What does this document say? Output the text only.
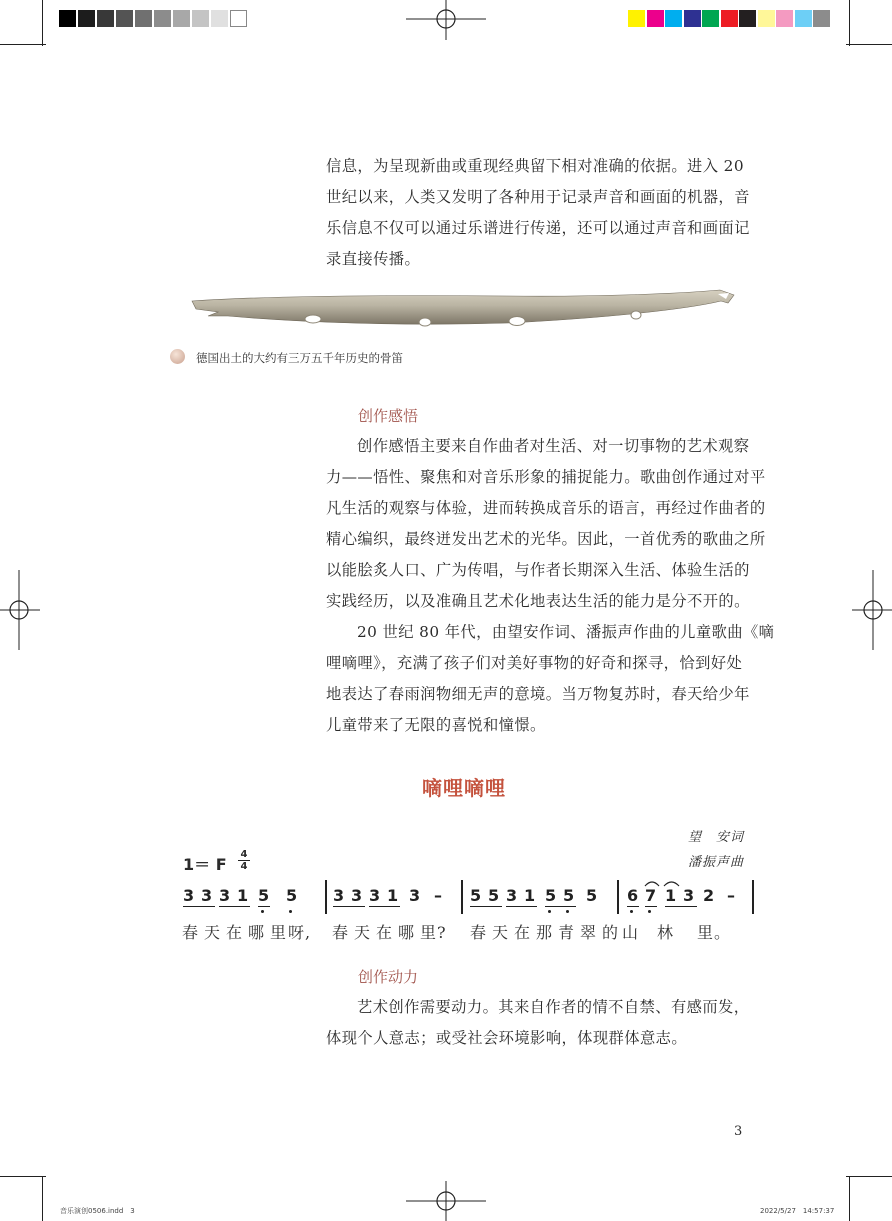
信息，为呈现新曲或重现经典留下相对准确的依据。进入 20
世纪以来，人类又发明了各种用于记录声音和画面的机器，音
乐信息不仅可以通过乐谱进行传递，还可以通过声音和画面记
录直接传播。
德国出土的大约有三万五千年历史的骨笛
创作感悟
创作感悟主要来自作曲者对生活、对一切事物的艺术观察
力——悟性、聚焦和对音乐形象的捕捉能力。歌曲创作通过对平
凡生活的观察与体验，进而转换成音乐的语言，再经过作曲者的
精心编织，最终迸发出艺术的光华。因此，一首优秀的歌曲之所
以能脍炙人口、广为传唱，与作者长期深入生活、体验生活的
实践经历，以及准确且艺术化地表达生活的能力是分不开的。
20 世纪 80 年代，由望安作词、潘振声作曲的儿童歌曲《嘀
哩嘀哩》，充满了孩子们对美好事物的好奇和探寻，恰到好处
地表达了春雨润物细无声的意境。当万物复苏时，春天给少年
儿童带来了无限的喜悦和憧憬。
嘀哩嘀哩
望　安词
潘振声曲
1＝ F
4
4
3 3 3 1 5 5 3 3 3 1 3 – 5 5 3 1 5 5 5 6 7 1 3 2 –
春 天 在 哪 里 呀, 春 天 在 哪 里? 春 天 在 那 青 翠 的 山 林 里。
创作动力
艺术创作需要动力。其来自作者的情不自禁、有感而发，
体现个人意志；或受社会环境影响，体现群体意志。
3
音乐演创0506.indd　3	2022/5/27　14:57:37
